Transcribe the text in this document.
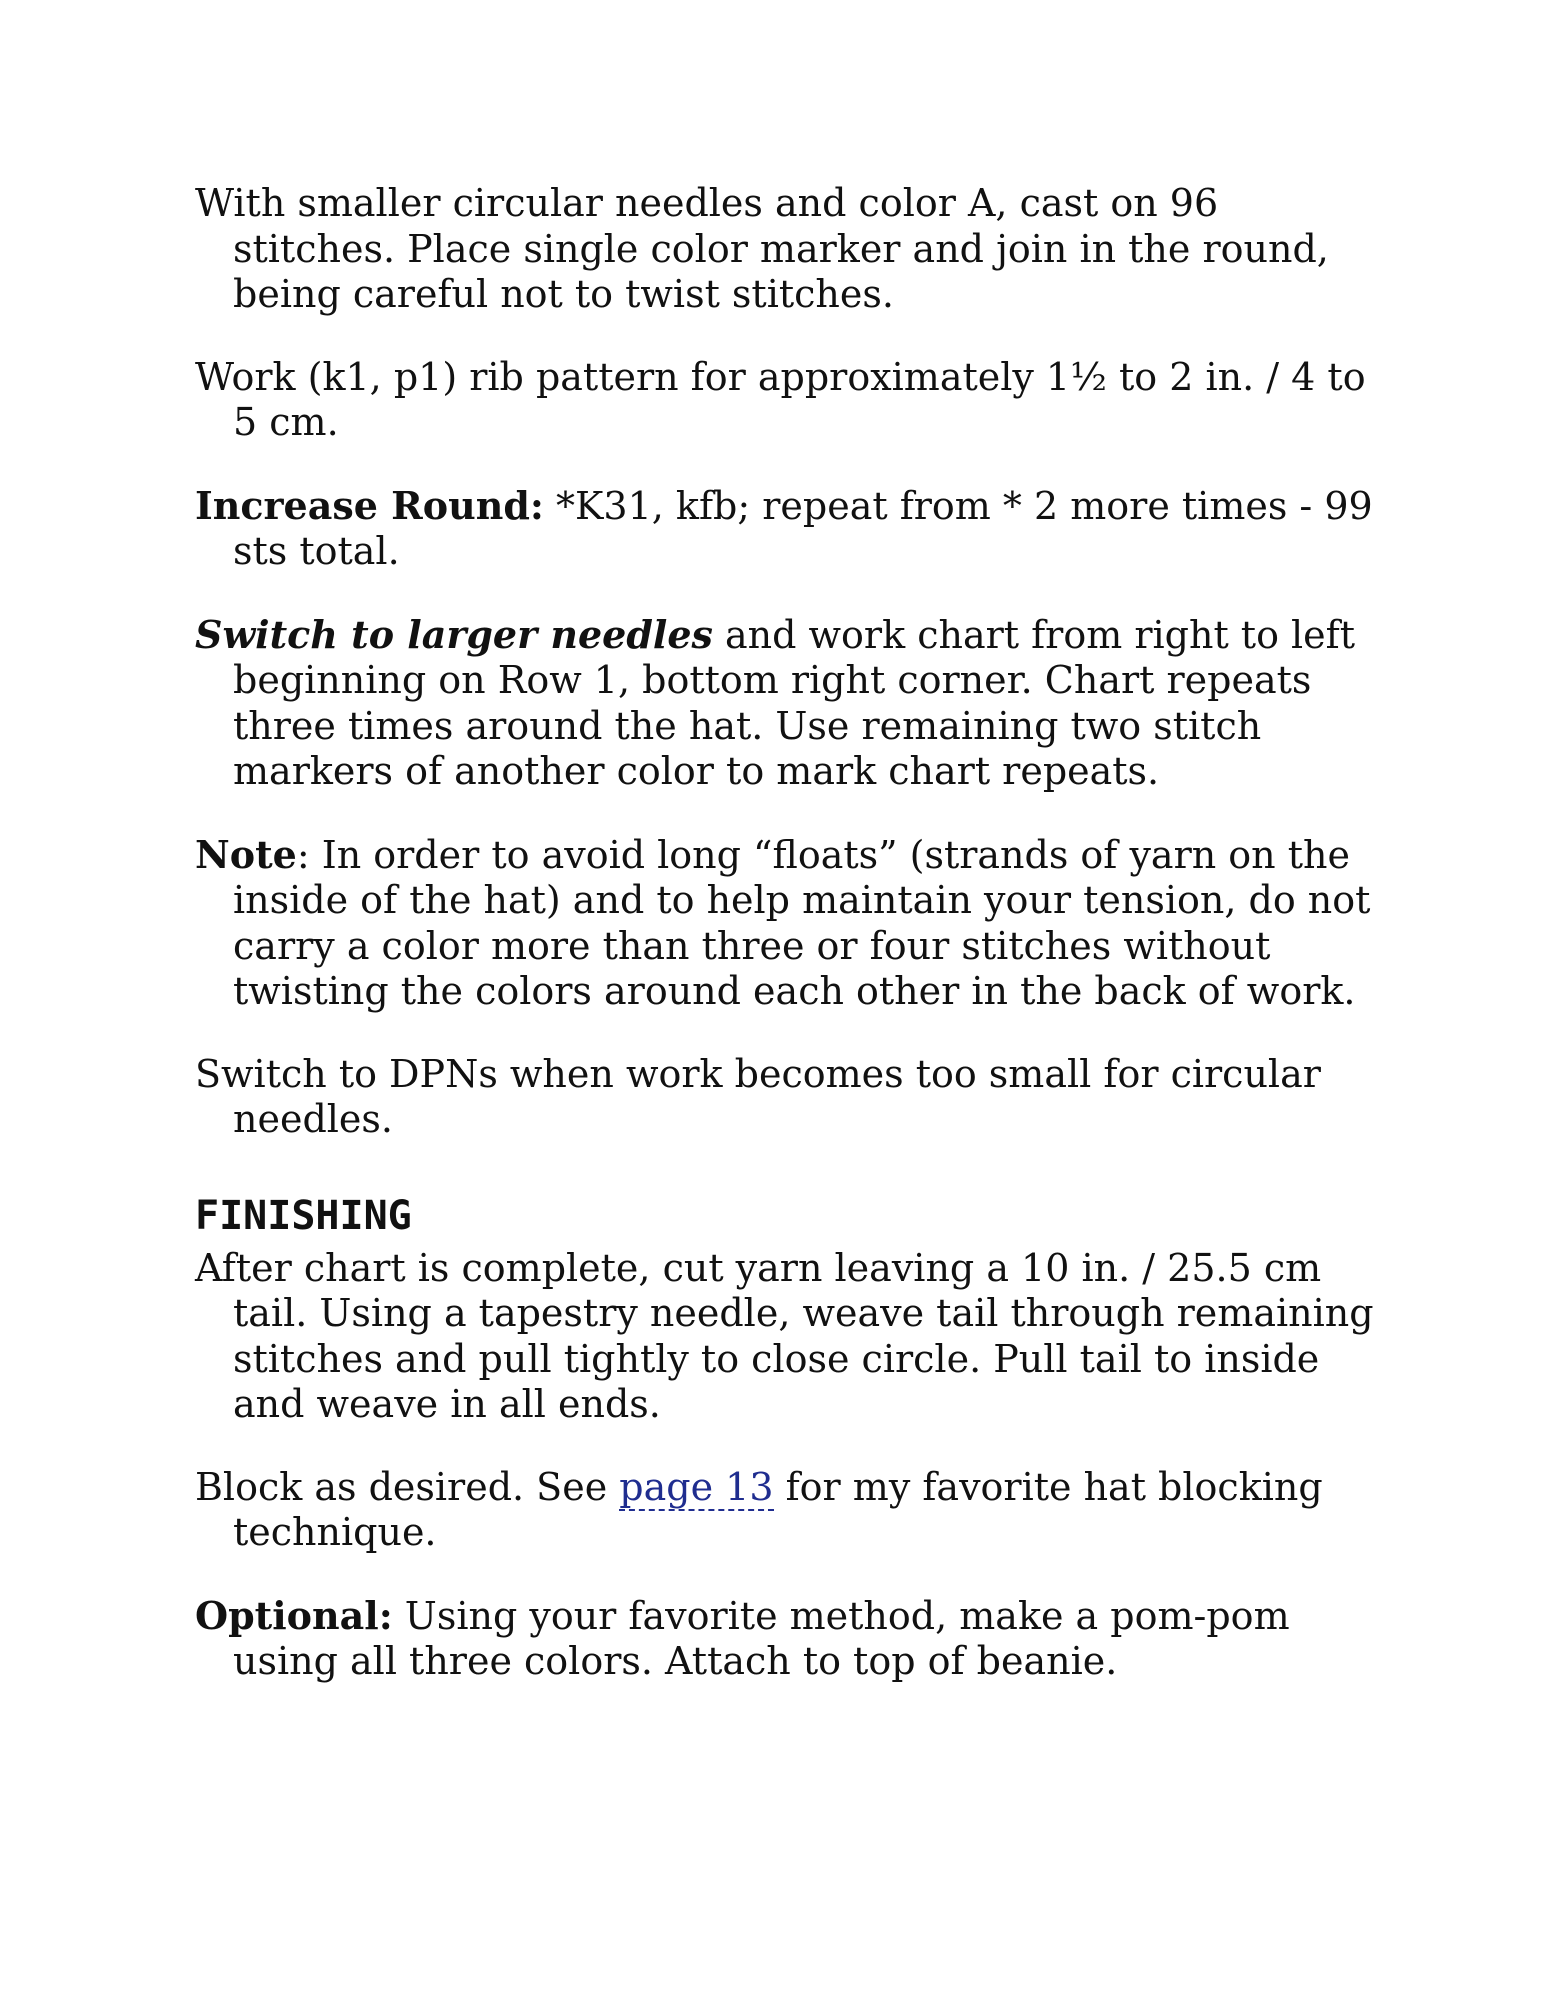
With smaller circular needles and color A, cast on 96 stitches. Place single color marker and join in the round, being careful not to twist stitches.

Work (k1, p1) rib pattern for approximately 1½ to 2 in. / 4 to 5 cm.

Increase Round: *K31, kfb; repeat from * 2 more times - 99 sts total.

Switch to larger needles and work chart from right to left beginning on Row 1, bottom right corner. Chart repeats three times around the hat. Use remaining two stitch markers of another color to mark chart repeats.

Note: In order to avoid long “floats” (strands of yarn on the inside of the hat) and to help maintain your tension, do not carry a color more than three or four stitches without twisting the colors around each other in the back of work.

Switch to DPNs when work becomes too small for circular needles.

FINISHING

After chart is complete, cut yarn leaving a 10 in. / 25.5 cm tail. Using a tapestry needle, weave tail through remaining stitches and pull tightly to close circle. Pull tail to inside and weave in all ends.

Block as desired. See page 13 for my favorite hat blocking technique.

Optional: Using your favorite method, make a pom-pom using all three colors. Attach to top of beanie.
